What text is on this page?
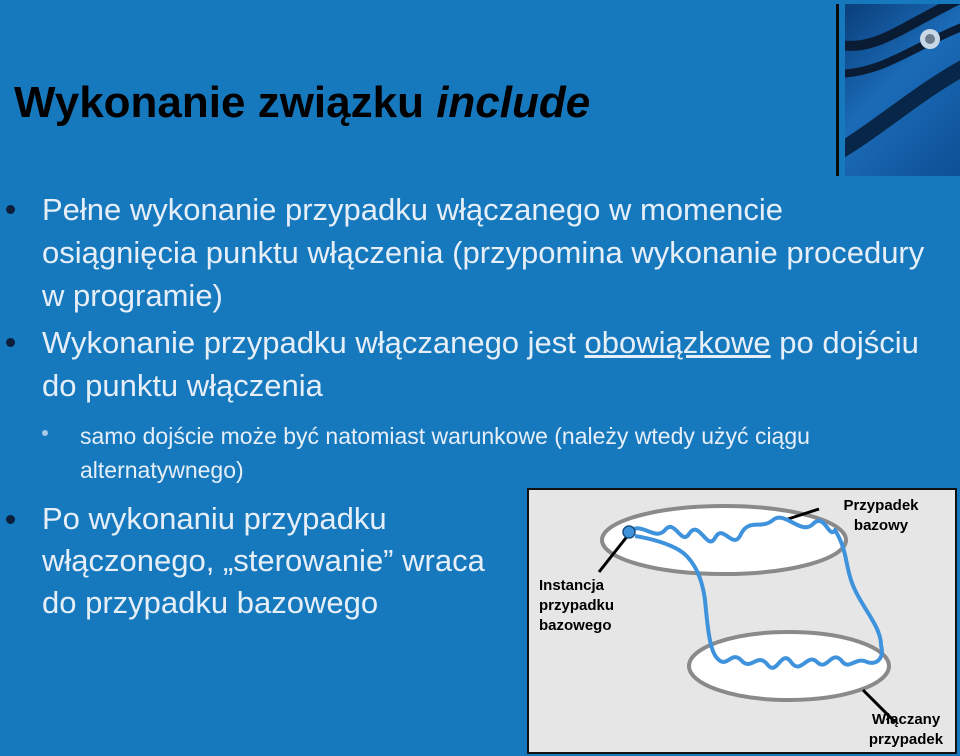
Wykonanie związku include
Pełne wykonanie przypadku włączanego w momencie osiągnięcia punktu włączenia (przypomina wykonanie procedury w programie)
Wykonanie przypadku włączanego jest obowiązkowe po dojściu do punktu włączenia
samo dojście może być natomiast warunkowe (należy wtedy użyć ciągu alternatywnego)
Po wykonaniu przypadku włączonego, „sterowanie” wraca do przypadku bazowego
Przypadek bazowy
Instancja przypadku bazowego
Włączany przypadek
